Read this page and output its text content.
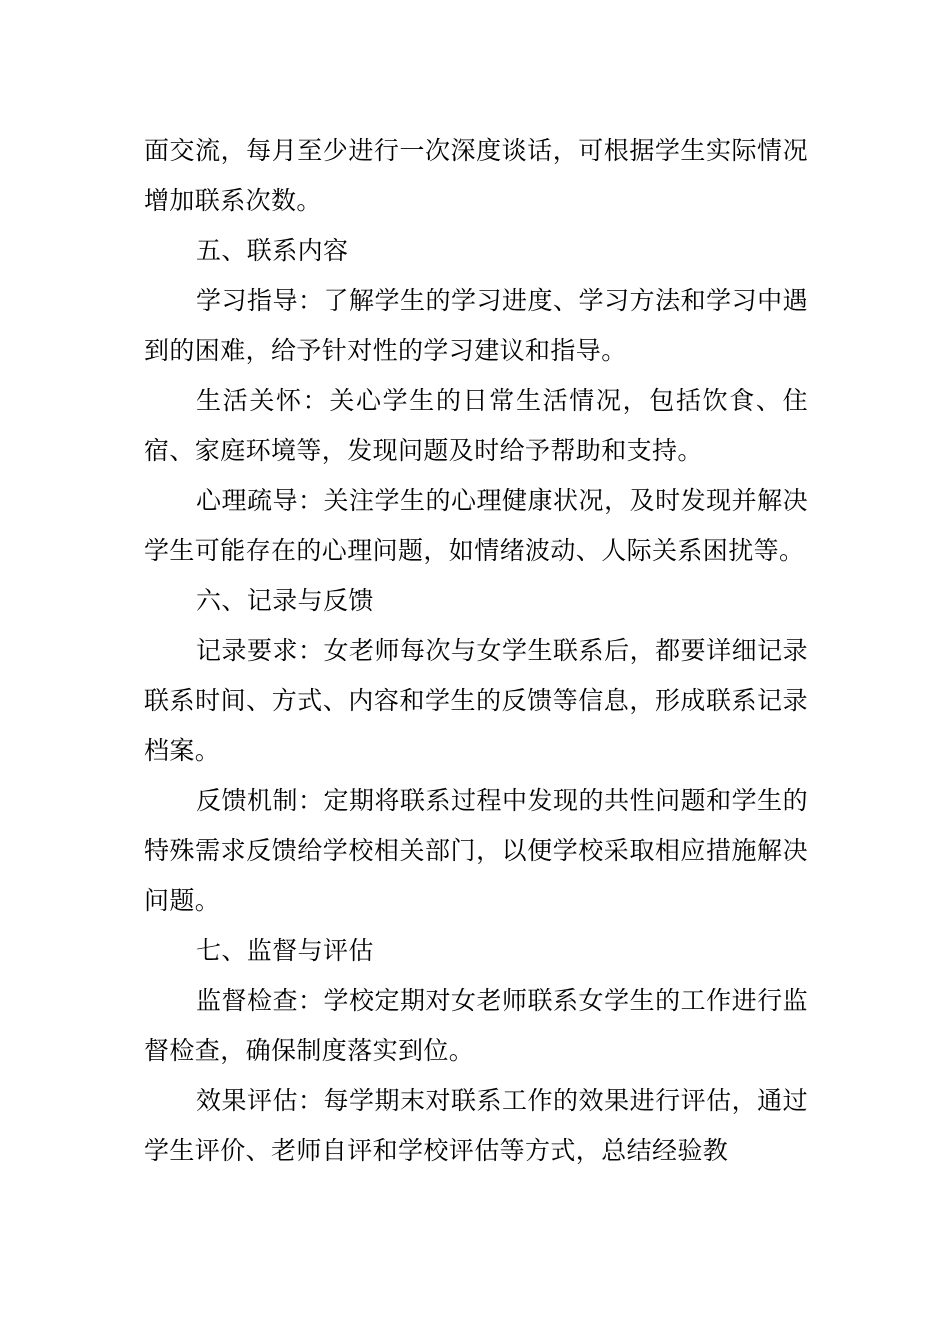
面交流，每月至少进行一次深度谈话，可根据学生实际情况增加联系次数。

五、联系内容

学习指导：了解学生的学习进度、学习方法和学习中遇到的困难，给予针对性的学习建议和指导。

生活关怀：关心学生的日常生活情况，包括饮食、住宿、家庭环境等，发现问题及时给予帮助和支持。

心理疏导：关注学生的心理健康状况，及时发现并解决学生可能存在的心理问题，如情绪波动、人际关系困扰等。

六、记录与反馈

记录要求：女老师每次与女学生联系后，都要详细记录联系时间、方式、内容和学生的反馈等信息，形成联系记录档案。

反馈机制：定期将联系过程中发现的共性问题和学生的特殊需求反馈给学校相关部门，以便学校采取相应措施解决问题。

七、监督与评估

监督检查：学校定期对女老师联系女学生的工作进行监督检查，确保制度落实到位。

效果评估：每学期末对联系工作的效果进行评估，通过学生评价、老师自评和学校评估等方式，总结经验教
